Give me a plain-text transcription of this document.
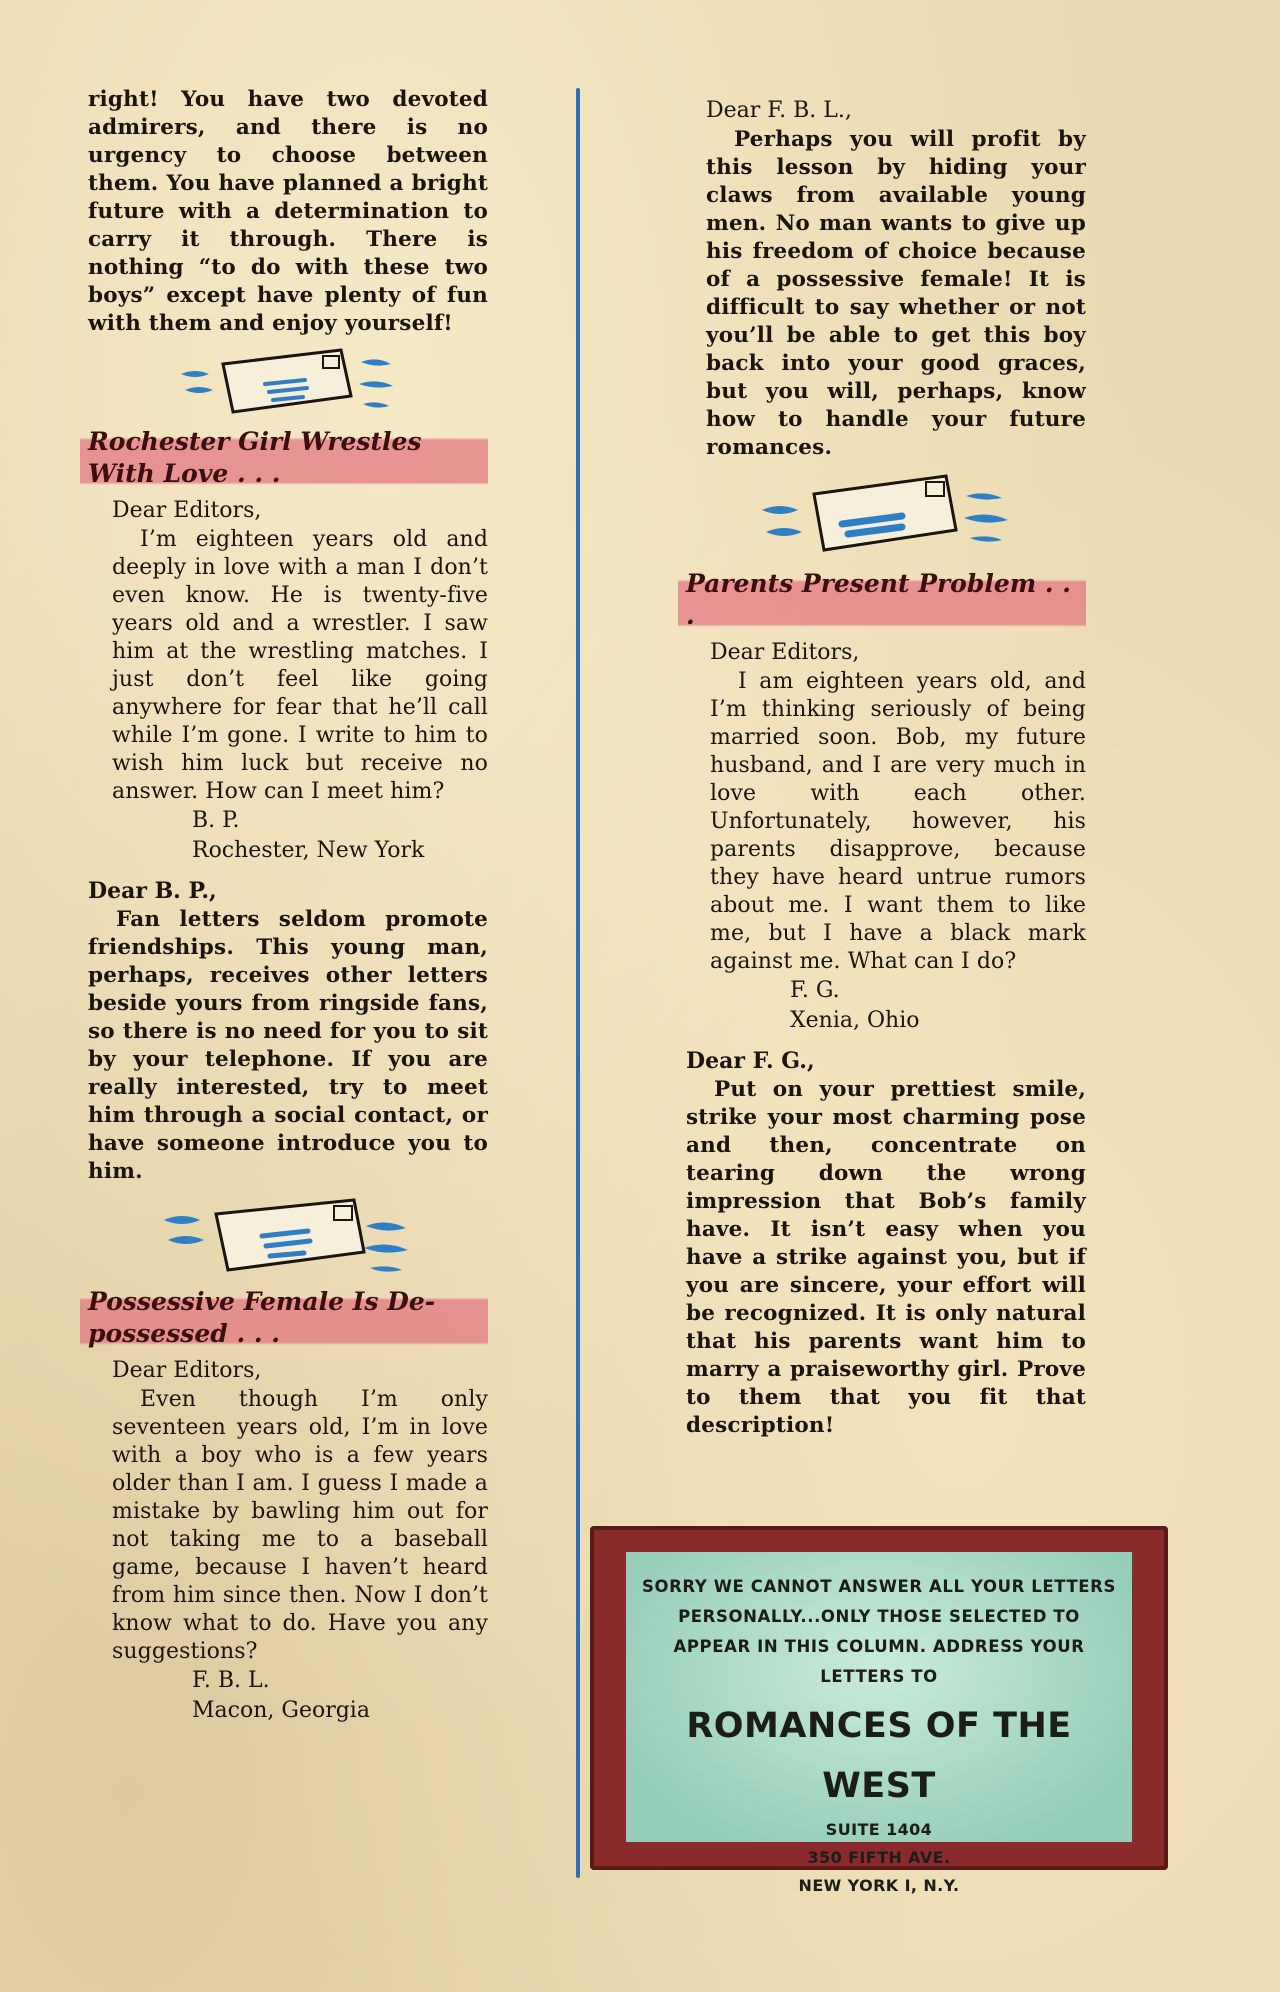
right! You have two devoted admirers, and there is no urgency to choose between them. You have planned a bright future with a determination to carry it through. There is nothing “to do with these two boys” except have plenty of fun with them and enjoy yourself!

Rochester Girl Wrestles With Love . . .

Dear Editors,

I’m eighteen years old and deeply in love with a man I don’t even know. He is twenty-five years old and a wrestler. I saw him at the wrestling matches. I just don’t feel like going anywhere for fear that he’ll call while I’m gone. I write to him to wish him luck but receive no answer. How can I meet him?

B. P.

Rochester, New York

Dear B. P.,

Fan letters seldom promote friendships. This young man, perhaps, receives other letters beside yours from ringside fans, so there is no need for you to sit by your telephone. If you are really interested, try to meet him through a social contact, or have someone introduce you to him.

Possessive Female Is De-possessed . . .

Dear Editors,

Even though I’m only seventeen years old, I’m in love with a boy who is a few years older than I am. I guess I made a mistake by bawling him out for not taking me to a baseball game, because I haven’t heard from him since then. Now I don’t know what to do. Have you any suggestions?

F. B. L.

Macon, Georgia

Dear F. B. L.,

Perhaps you will profit by this lesson by hiding your claws from available young men. No man wants to give up his freedom of choice because of a possessive female! It is difficult to say whether or not you’ll be able to get this boy back into your good graces, but you will, perhaps, know how to handle your future romances.

Parents Present Problem . . .

Dear Editors,

I am eighteen years old, and I’m thinking seriously of being married soon. Bob, my future husband, and I are very much in love with each other. Unfortunately, however, his parents disapprove, because they have heard untrue rumors about me. I want them to like me, but I have a black mark against me. What can I do?

F. G.

Xenia, Ohio

Dear F. G.,

Put on your prettiest smile, strike your most charming pose and then, concentrate on tearing down the wrong impression that Bob’s family have. It isn’t easy when you have a strike against you, but if you are sincere, your effort will be recognized. It is only natural that his parents want him to marry a praiseworthy girl. Prove to them that you fit that description!

SORRY WE CANNOT ANSWER ALL YOUR LETTERS
PERSONALLY...ONLY THOSE SELECTED TO
APPEAR IN THIS COLUMN. ADDRESS YOUR
LETTERS TO
ROMANCES OF THE WEST
SUITE 1404
350 FIFTH AVE.
NEW YORK I, N.Y.
